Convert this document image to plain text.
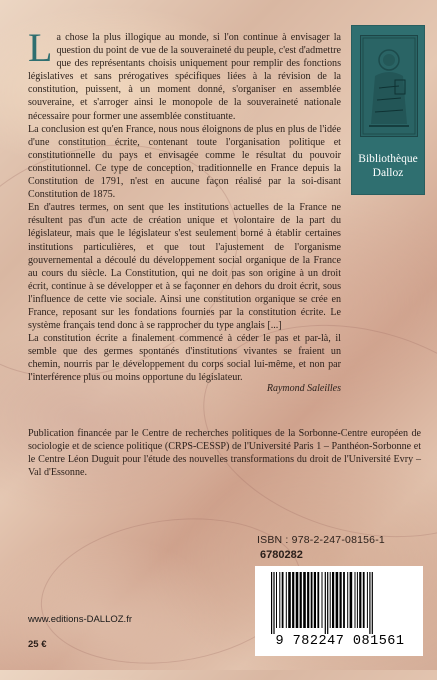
Bibliothèque
Dalloz

La chose la plus illogique au monde, si l'on continue à envisager la question du point de vue de la souveraineté du peuple, c'est d'admettre que des représentants choisis uniquement pour remplir des fonctions législatives et sans prérogatives spécifiques liées à la révision de la constitution, puissent, à un moment donné, s'organiser en assemblée souveraine, et s'arroger ainsi le monopole de la souveraineté nationale nécessaire pour former une assemblée constituante.

La conclusion est qu'en France, nous nous éloignons de plus en plus de l'idée d'une constitution écrite, contenant toute l'organisation politique et constitutionnelle du pays et envisagée comme le résultat du pouvoir constitutionnel. Ce type de conception, traditionnelle en France depuis la Constitution de 1791, n'est en aucune façon réalisé par la soi-disant Constitution de 1875.

En d'autres termes, on sent que les institutions actuelles de la France ne résultent pas d'un acte de création unique et volontaire de la part du législateur, mais que le législateur s'est seulement borné à établir certaines institutions particulières, et que tout l'ajustement de l'organisme gouvernemental a découlé du développement social organique de la France au cours du siècle. La Constitution, qui ne doit pas son origine à un droit écrit, continue à se développer et à se façonner en dehors du droit écrit, sous l'influence de cette vie sociale. Ainsi une constitution organique se crée en France, reposant sur les fondations fournies par la constitution écrite. Le système français tend donc à se rapprocher du type anglais [...]

La constitution écrite a finalement commencé à céder le pas et par-là, il semble que des germes spontanés d'institutions vivantes se fraient un chemin, nourris par le développement du corps social lui-même, et non par l'interférence plus ou moins opportune du législateur.

Raymond Saleilles
Publication financée par le Centre de recherches politiques de la Sorbonne-Centre européen de sociologie et de science politique (CRPS-CESSP) de l'Université Paris 1 – Panthéon-Sorbonne et le Centre Léon Duguit pour l'étude des nouvelles transformations du droit de l'Université Evry – Val d'Essonne.
ISBN : 978-2-247-08156-1
6780282
9 782247 081561
www.editions-DALLOZ.fr
25 €
